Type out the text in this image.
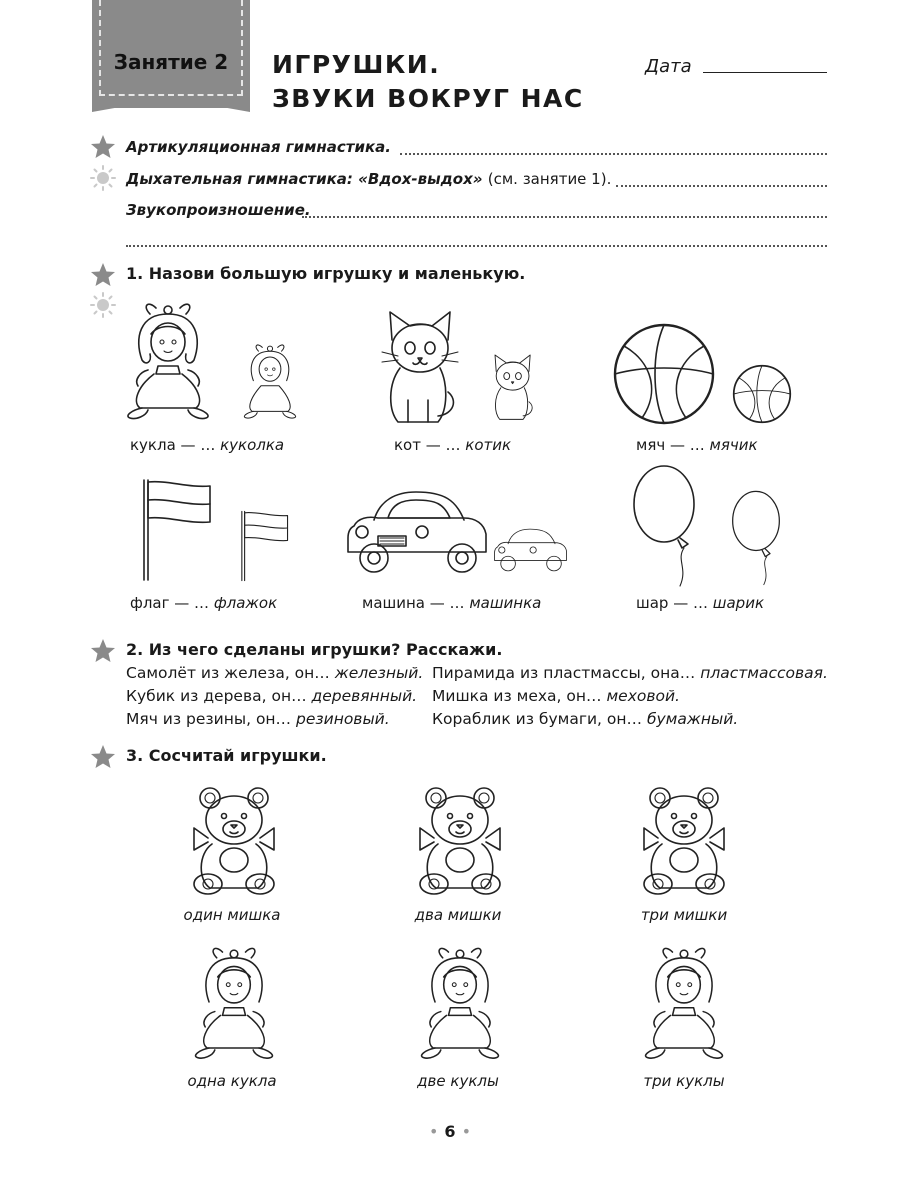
Занятие 2	ИГРУШКИ.
ЗВУКИ ВОКРУГ НАС
Дата
Артикуляционная гимнастика.
Дыхательная гимнастика: «Вдох-выдох» (см. занятие 1).
Звукопроизношение.
1. Назови большую игрушку и маленькую.
кукла — … куколка	кот — … котик	мяч — … мячик
флаг — … флажок	машина — … машинка	шар — … шарик
2. Из чего сделаны игрушки? Расскажи.
Самолёт из железа, он… железный.
Кубик из дерева, он… деревянный.
Мяч из резины, он… резиновый.
Пирамида из пластмассы, она… пластмассовая.
Мишка из меха, он… меховой.
Кораблик из бумаги, он… бумажный.
3. Сосчитай игрушки.
один мишка	два мишки	три мишки
одна кукла	две куклы	три куклы
• 6 •
